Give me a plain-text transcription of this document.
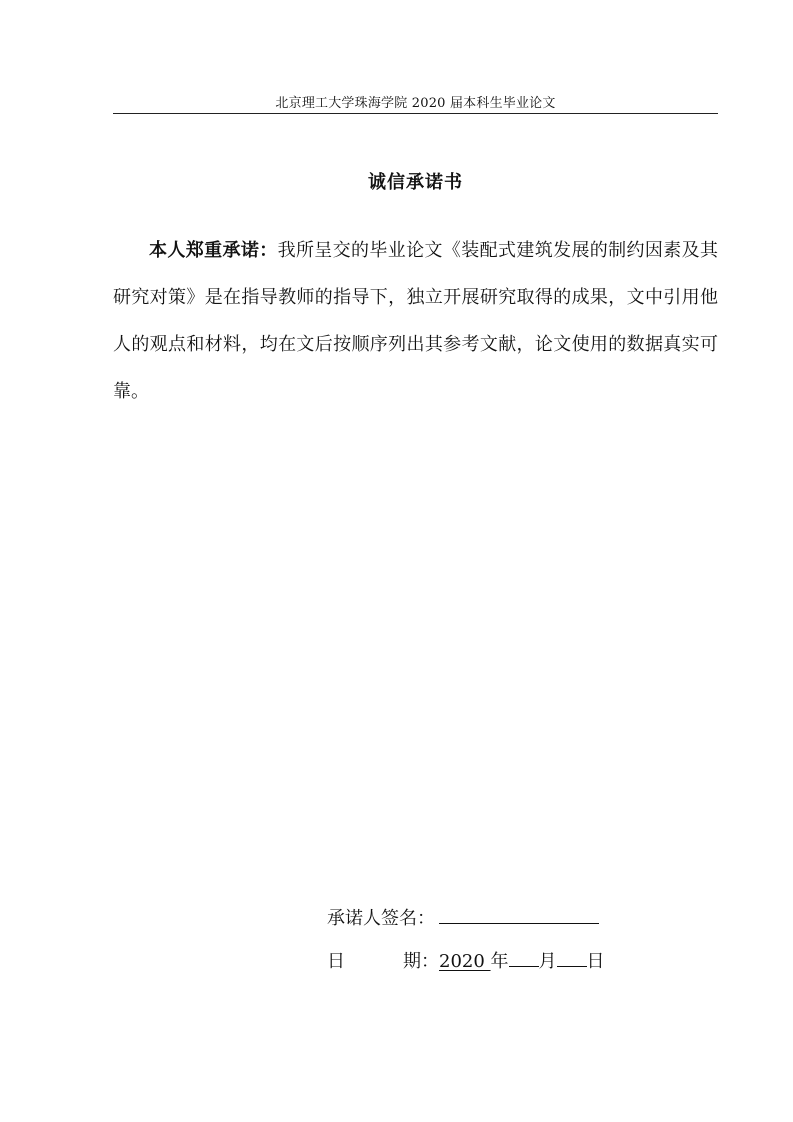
北京理工大学珠海学院 2020 届本科生毕业论文
诚信承诺书
本人郑重承诺：我所呈交的毕业论文《装配式建筑发展的制约因素及其研究对策》是在指导教师的指导下，独立开展研究取得的成果，文中引用他人的观点和材料，均在文后按顺序列出其参考文献，论文使用的数据真实可靠。
承诺人签名：
日	期：2020 年 月 日
